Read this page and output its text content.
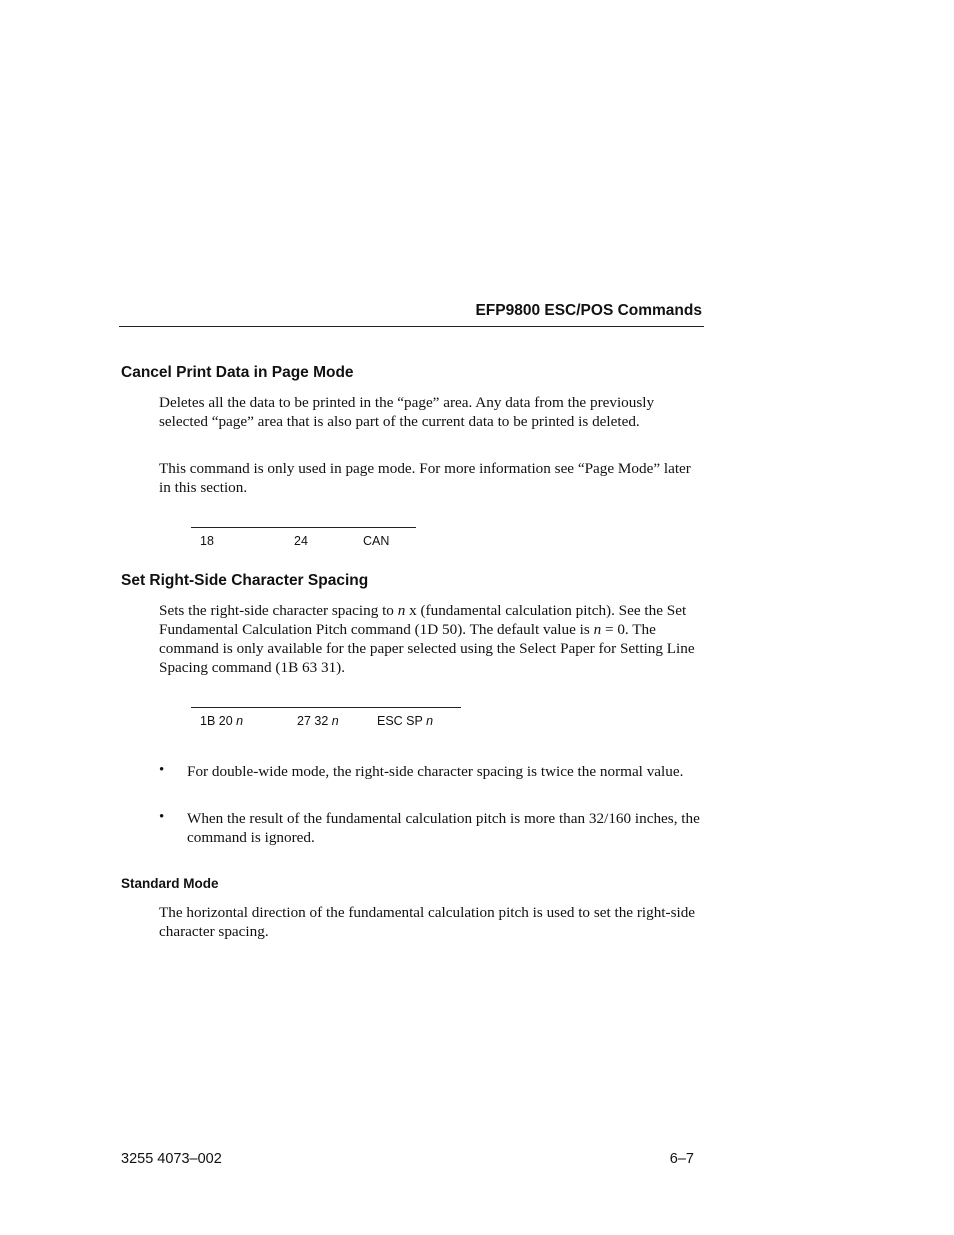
EFP9800 ESC/POS Commands
Cancel Print Data in Page Mode
Deletes all the data to be printed in the “page” area. Any data from the previously selected “page” area that is also part of the current data to be printed is deleted.
This command is only used in page mode. For more information see “Page Mode” later in this section.
18	24	CAN
Set Right-Side Character Spacing
Sets the right-side character spacing to n x (fundamental calculation pitch). See the Set Fundamental Calculation Pitch command (1D 50). The default value is n = 0. The command is only available for the paper selected using the Select Paper for Setting Line Spacing command (1B 63 31).
1B 20 n	27 32 n	ESC SP n
• For double-wide mode, the right-side character spacing is twice the normal value.
• When the result of the fundamental calculation pitch is more than 32/160 inches, the command is ignored.
Standard Mode
The horizontal direction of the fundamental calculation pitch is used to set the right-side character spacing.
3255 4073–002	6–7
